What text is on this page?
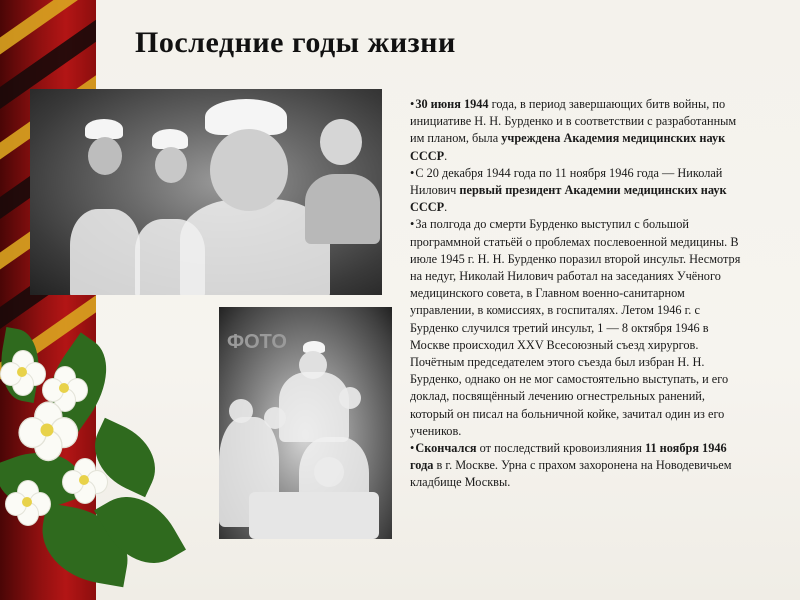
Последние годы жизни
ФОТО

•30 июня 1944 года, в период завершающих битв войны, по инициативе Н. Н. Бурденко и в соответствии с разработанным им планом, была учреждена Академия медицинских наук СССР.

•С 20 декабря 1944 года по 11 ноября 1946 года — Николай Нилович первый президент Академии медицинских наук СССР.

•За полгода до смерти Бурденко выступил с большой программной статьёй о проблемах послевоенной медицины. В июле 1945 г. Н. Н. Бурденко поразил второй инсульт. Несмотря на недуг, Николай Нилович работал на заседаниях Учёного медицинского совета, в Главном военно-санитарном управлении, в комиссиях, в госпиталях. Летом 1946 г. с Бурденко случился третий инсульт, 1 — 8 октября 1946 в Москве происходил XXV Всесоюзный съезд хирургов. Почётным председателем этого съезда был избран Н. Н. Бурденко, однако он не мог самостоятельно выступать, и его доклад, посвящённый лечению огнестрельных ранений, который он писал на больничной койке, зачитал один из его учеников.

•Скончался от последствий кровоизлияния 11 ноября 1946 года в г. Москве. Урна с прахом захоронена на Новодевичьем кладбище Москвы.
